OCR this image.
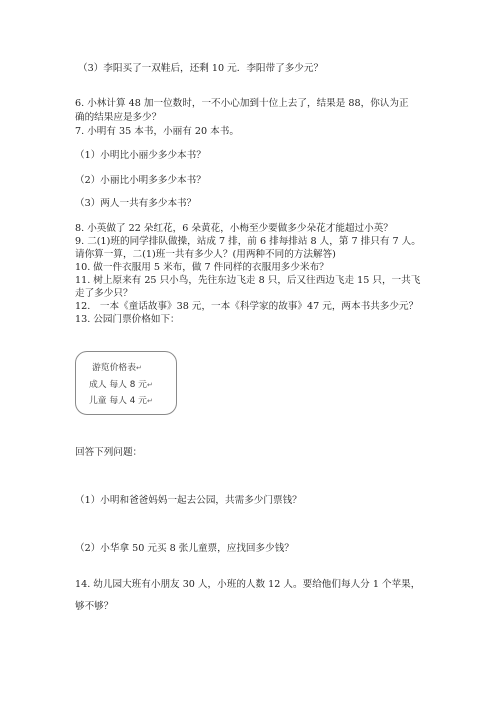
（3）李阳买了一双鞋后，还剩 10 元．李阳带了多少元？
6. 小林计算 48 加一位数时，一不小心加到十位上去了，结果是 88，你认为正
确的结果应是多少？
7. 小明有 35 本书，小丽有 20 本书。
（1）小明比小丽少多少本书？
（2）小丽比小明多多少本书？
（3）两人一共有多少本书？
8. 小英做了 22 朵红花，6 朵黄花，小梅至少要做多少朵花才能超过小英？
9. 二(1)班的同学排队做操，站成 7 排，前 6 排每排站 8 人，第 7 排只有 7 人。
请你算一算，二(1)班一共有多少人？(用两种不同的方法解答)
10. 做一件衣服用 5 米布，做 7 件同样的衣服用多少米布？
11. 树上原来有 25 只小鸟，先往东边飞走 8 只，后又往西边飞走 15 只，一共飞
走了多少只？
12.　一本《童话故事》38 元，一本《科学家的故事》47 元，两本书共多少元？
13. 公园门票价格如下：
游览价格表↵
成人 每人 8 元↵
儿童 每人 4 元↵
回答下列问题：
（1）小明和爸爸妈妈一起去公园，共需多少门票钱？
（2）小华拿 50 元买 8 张儿童票，应找回多少钱？
14. 幼儿园大班有小朋友 30 人，小班的人数 12 人。要给他们每人分 1 个苹果，
够不够？
